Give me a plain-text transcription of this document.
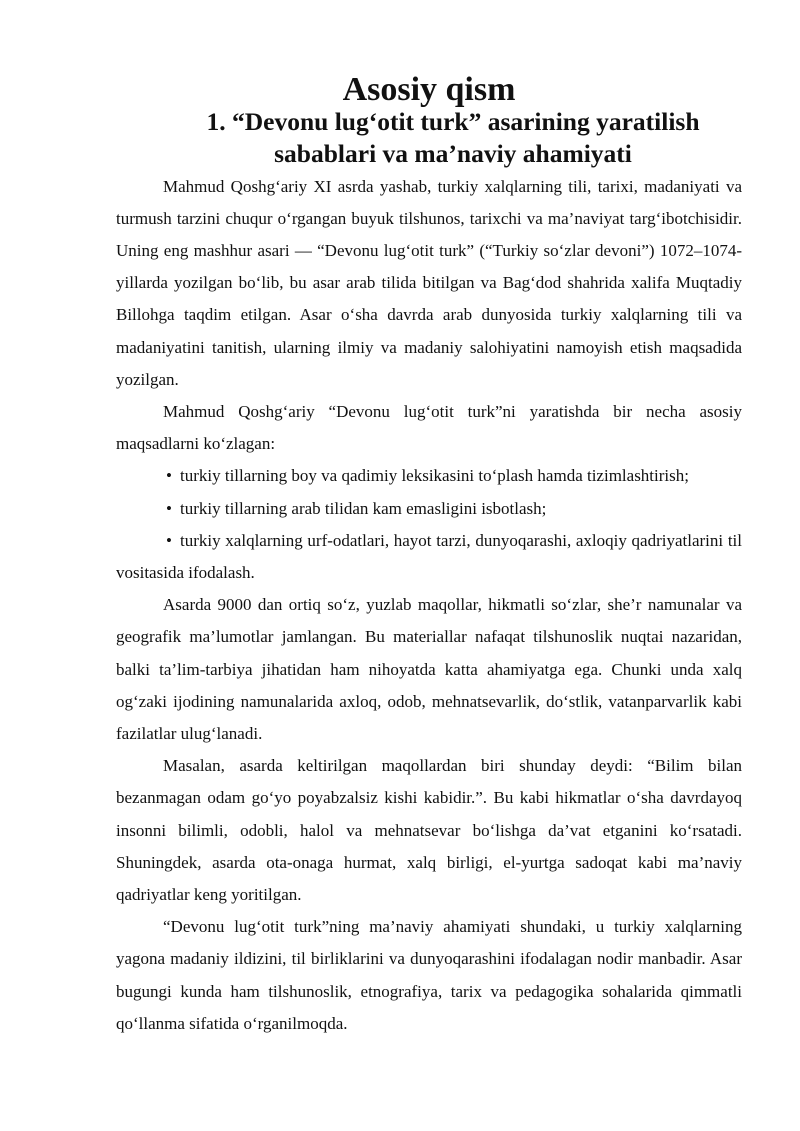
Asosiy qism
1. “Devonu lug‘otit turk” asarining yaratilish sabablari va ma’naviy ahamiyati

Mahmud Qoshg‘ariy XI asrda yashab, turkiy xalqlarning tili, tarixi, madaniyati va turmush tarzini chuqur o‘rgangan buyuk tilshunos, tarixchi va ma’naviyat targ‘ibotchisidir. Uning eng mashhur asari — “Devonu lug‘otit turk” (“Turkiy so‘zlar devoni”) 1072–1074-yillarda yozilgan bo‘lib, bu asar arab tilida bitilgan va Bag‘dod shahrida xalifa Muqtadiy Billohga taqdim etilgan. Asar o‘sha davrda arab dunyosida turkiy xalqlarning tili va madaniyatini tanitish, ularning ilmiy va madaniy salohiyatini namoyish etish maqsadida yozilgan.

Mahmud Qoshg‘ariy “Devonu lug‘otit turk”ni yaratishda bir necha asosiy maqsadlarni ko‘zlagan:

• turkiy tillarning boy va qadimiy leksikasini to‘plash hamda tizimlashtirish;
• turkiy tillarning arab tilidan kam emasligini isbotlash;
• turkiy xalqlarning urf-odatlari, hayot tarzi, dunyoqarashi, axloqiy qadriyatlarini til vositasida ifodalash.

Asarda 9000 dan ortiq so‘z, yuzlab maqollar, hikmatli so‘zlar, she’r namunalar va geografik ma’lumotlar jamlangan. Bu materiallar nafaqat tilshunoslik nuqtai nazaridan, balki ta’lim-tarbiya jihatidan ham nihoyatda katta ahamiyatga ega. Chunki unda xalq og‘zaki ijodining namunalarida axloq, odob, mehnatsevarlik, do‘stlik, vatanparvarlik kabi fazilatlar ulug‘lanadi.

Masalan, asarda keltirilgan maqollardan biri shunday deydi: “Bilim bilan bezanmagan odam go‘yo poyabzalsiz kishi kabidir.”. Bu kabi hikmatlar o‘sha davrdayoq insonni bilimli, odobli, halol va mehnatsevar bo‘lishga da’vat etganini ko‘rsatadi. Shuningdek, asarda ota-onaga hurmat, xalq birligi, el-yurtga sadoqat kabi ma’naviy qadriyatlar keng yoritilgan.

“Devonu lug‘otit turk”ning ma’naviy ahamiyati shundaki, u turkiy xalqlarning yagona madaniy ildizini, til birliklarini va dunyoqarashini ifodalagan nodir manbadir. Asar bugungi kunda ham tilshunoslik, etnografiya, tarix va pedagogika sohalarida qimmatli qo‘llanma sifatida o‘rganilmoqda.
